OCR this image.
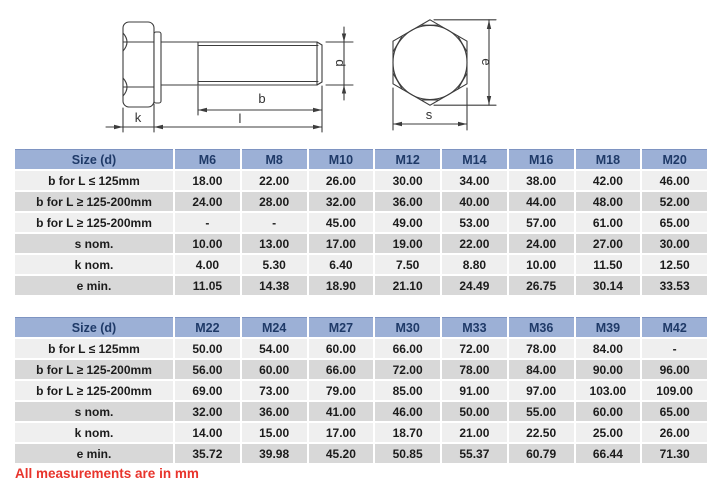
k	l
b
d	e
s
Size (d)	M6	M8	M10	M12	M14	M16	M18	M20
b for L ≤ 125mm	18.00	22.00	26.00	30.00	34.00	38.00	42.00	46.00
b for L ≥ 125-200mm	24.00	28.00	32.00	36.00	40.00	44.00	48.00	52.00
b for L ≥ 125-200mm	-	-	45.00	49.00	53.00	57.00	61.00	65.00
s nom.	10.00	13.00	17.00	19.00	22.00	24.00	27.00	30.00
k nom.	4.00	5.30	6.40	7.50	8.80	10.00	11.50	12.50
e min.	11.05	14.38	18.90	21.10	24.49	26.75	30.14	33.53
Size (d)	M22	M24	M27	M30	M33	M36	M39	M42
b for L ≤ 125mm	50.00	54.00	60.00	66.00	72.00	78.00	84.00	-
b for L ≥ 125-200mm	56.00	60.00	66.00	72.00	78.00	84.00	90.00	96.00
b for L ≥ 125-200mm	69.00	73.00	79.00	85.00	91.00	97.00	103.00	109.00
s nom.	32.00	36.00	41.00	46.00	50.00	55.00	60.00	65.00
k nom.	14.00	15.00	17.00	18.70	21.00	22.50	25.00	26.00
e min.	35.72	39.98	45.20	50.85	55.37	60.79	66.44	71.30
All measurements are in mm
